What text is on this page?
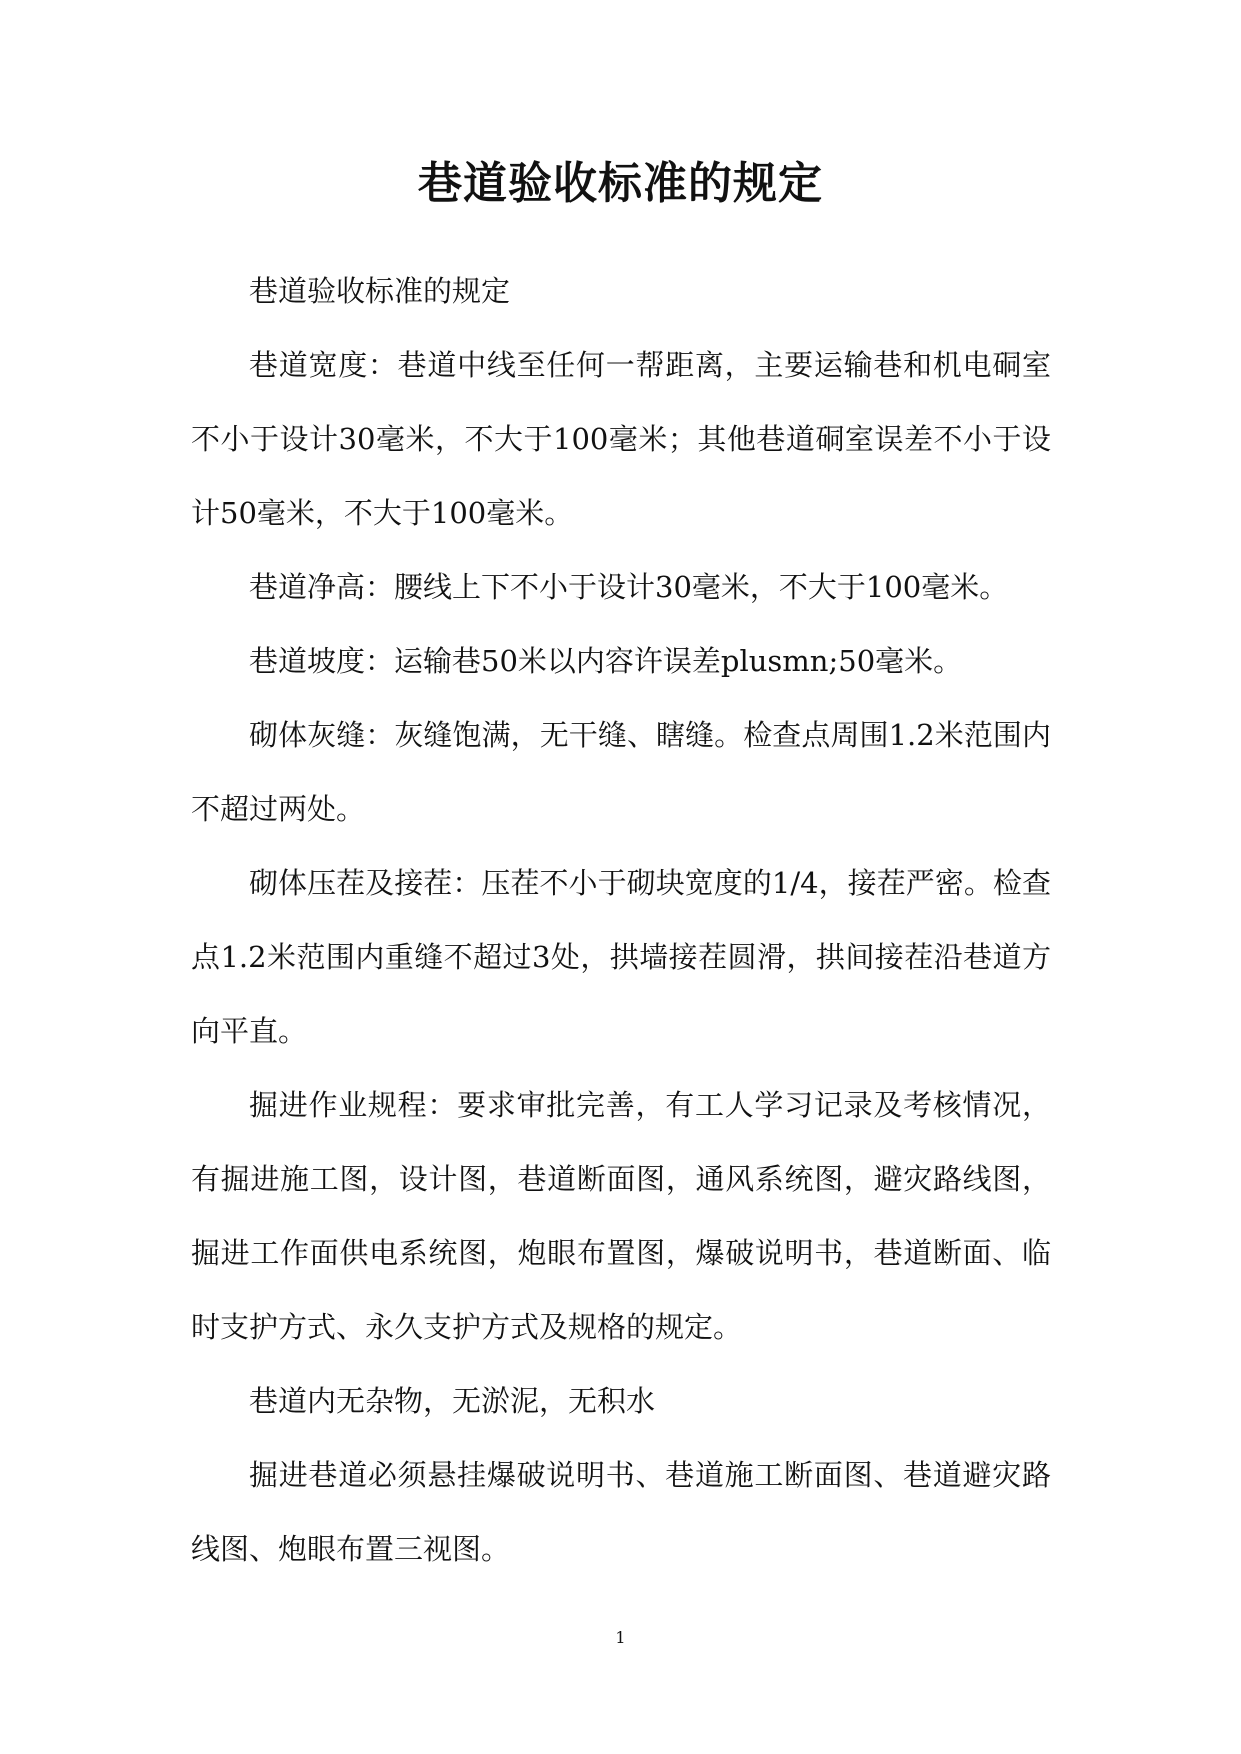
巷道验收标准的规定

巷道验收标准的规定

巷道宽度：巷道中线至任何一帮距离，主要运输巷和机电硐室不小于设计30毫米，不大于100毫米；其他巷道硐室误差不小于设计50毫米，不大于100毫米。

巷道净高：腰线上下不小于设计30毫米，不大于100毫米。

巷道坡度：运输巷50米以内容许误差plusmn;50毫米。

砌体灰缝：灰缝饱满，无干缝、瞎缝。检查点周围1.2米范围内不超过两处。

砌体压茬及接茬：压茬不小于砌块宽度的1/4，接茬严密。检查点1.2米范围内重缝不超过3处，拱墙接茬圆滑，拱间接茬沿巷道方向平直。

掘进作业规程：要求审批完善，有工人学习记录及考核情况，有掘进施工图，设计图，巷道断面图，通风系统图，避灾路线图，掘进工作面供电系统图，炮眼布置图，爆破说明书，巷道断面、临时支护方式、永久支护方式及规格的规定。

巷道内无杂物，无淤泥，无积水

掘进巷道必须悬挂爆破说明书、巷道施工断面图、巷道避灾路线图、炮眼布置三视图。

1
